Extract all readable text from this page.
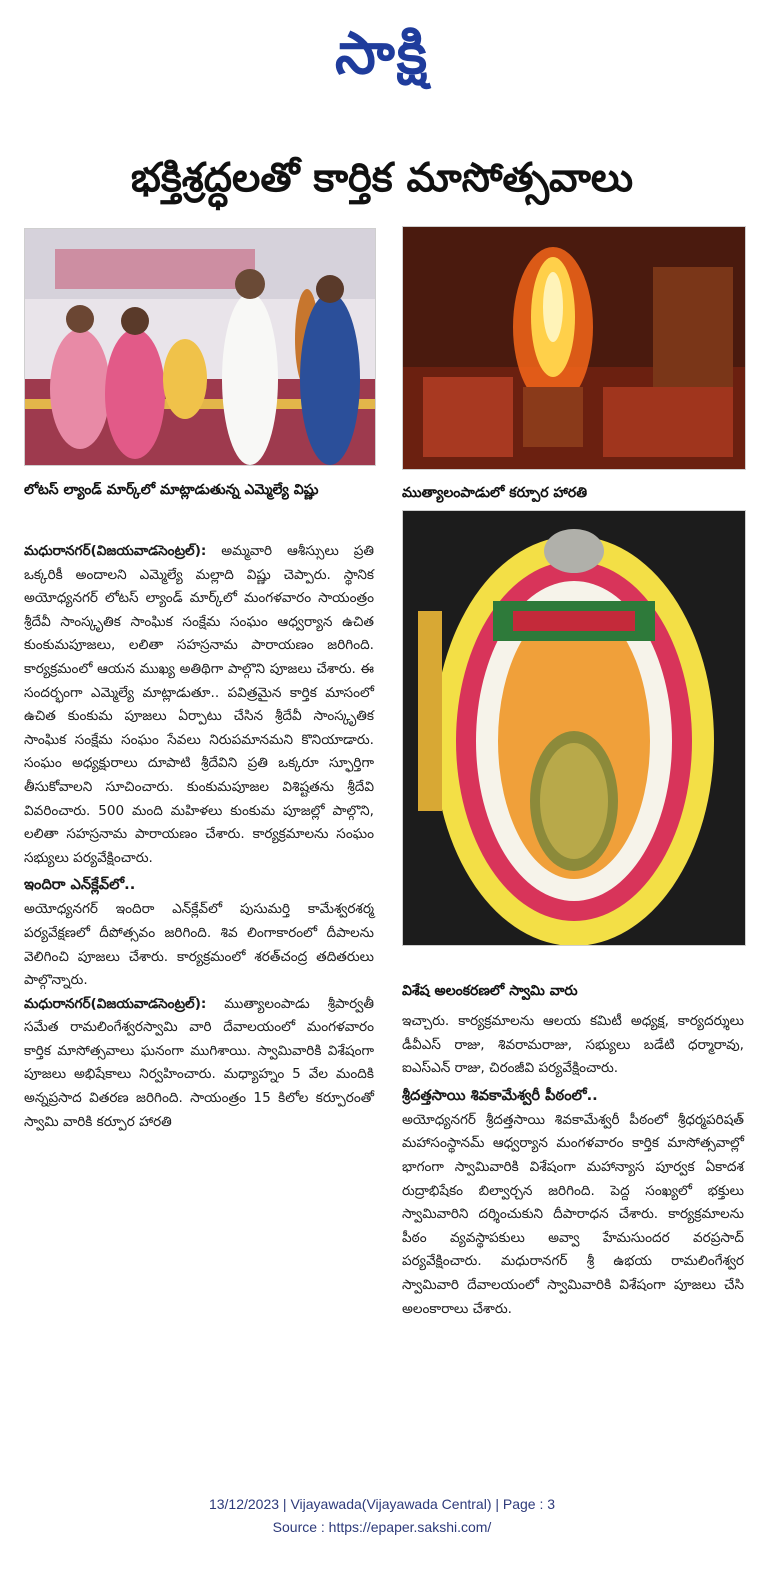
సాక్షి
భక్తిశ్రద్ధలతో కార్తిక మాసోత్సవాలు
లోటస్ ల్యాండ్ మార్క్‌లో మాట్లాడుతున్న ఎమ్మెల్యే విష్ణు	ముత్యాలంపాడులో కర్పూర హారతి
విశేష అలంకరణలో స్వామి వారు

మధురానగర్‌(విజయవాడసెంట్రల్‌): అమ్మవారి ఆశీస్సులు ప్రతి ఒక్కరికీ అందాలని ఎమ్మెల్యే మల్లాది విష్ణు చెప్పారు. స్థానిక అయోధ్యనగర్‌ లోటస్‌ ల్యాండ్‌ మార్క్‌లో మంగళవారం సాయంత్రం శ్రీదేవీ సాంస్కృతిక సాంఘిక సంక్షేమ సంఘం ఆధ్వర్యాన ఉచిత కుంకుమపూజలు, లలితా సహస్రనామ పారాయణం జరిగింది. కార్యక్రమంలో ఆయన ముఖ్య అతిథిగా పాల్గొని పూజలు చేశారు. ఈ సందర్భంగా ఎమ్మెల్యే మాట్లాడుతూ.. పవిత్రమైన కార్తిక మాసంలో ఉచిత కుంకుమ పూజలు ఏర్పాటు చేసిన శ్రీదేవీ సాంస్కృతిక సాంఘిక సంక్షేమ సంఘం సేవలు నిరుపమానమని కొనియాడారు. సంఘం అధ్యక్షురాలు దూపాటి శ్రీదేవిని ప్రతి ఒక్కరూ స్ఫూర్తిగా తీసుకోవాలని సూచించారు. కుంకుమపూజల విశిష్టతను శ్రీదేవి వివరించారు. 500 మంది మహిళలు కుంకుమ పూజల్లో పాల్గొని, లలితా సహస్రనామ పారాయణం చేశారు. కార్యక్రమాలను సంఘం సభ్యులు పర్యవేక్షించారు.

ఇందిరా ఎన్‌క్లేవ్‌లో..

అయోధ్యనగర్‌ ఇందిరా ఎన్‌క్లేవ్‌లో పుసుమర్తి కామేశ్వరశర్మ పర్యవేక్షణలో దీపోత్సవం జరిగింది. శివ లింగాకారంలో దీపాలను వెలిగించి పూజలు చేశారు. కార్యక్రమంలో శరత్‌చంద్ర తదితరులు పాల్గొన్నారు.

మధురానగర్‌(విజయవాడసెంట్రల్‌): ముత్యాలంపాడు శ్రీపార్వతీ సమేత రామలింగేశ్వరస్వామి వారి దేవాలయంలో మంగళవారం కార్తిక మాసోత్సవాలు ఘనంగా ముగిశాయి. స్వామివారికి విశేషంగా పూజలు అభిషేకాలు నిర్వహించారు. మధ్యాహ్నం 5 వేల మందికి అన్నప్రసాద వితరణ జరిగింది. సాయంత్రం 15 కిలోల కర్పూరంతో స్వామి వారికి కర్పూర హారతి

ఇచ్చారు. కార్యక్రమాలను ఆలయ కమిటీ అధ్యక్ష, కార్యదర్శులు డీవీఎస్‌ రాజు, శివరామరాజు, సభ్యులు బడేటి ధర్మారావు, ఐఎస్‌ఎన్‌ రాజు, చిరంజీవి పర్యవేక్షించారు.

శ్రీదత్తసాయి శివకామేశ్వరీ పీఠంలో..

అయోధ్యనగర్‌ శ్రీదత్తసాయి శివకామేశ్వరీ పీఠంలో శ్రీధర్మపరిషత్‌ మహాసంస్థానమ్‌ ఆధ్వర్యాన మంగళవారం కార్తిక మాసోత్సవాల్లో భాగంగా స్వామివారికి విశేషంగా మహాన్యాస పూర్వక ఏకాదశ రుద్రాభిషేకం బిల్వార్చన జరిగింది. పెద్ద సంఖ్యలో భక్తులు స్వామివారిని దర్శించుకుని దీపారాధన చేశారు. కార్యక్రమాలను పీఠం వ్యవస్థాపకులు అవ్వా హేమసుందర వరప్రసాద్‌ పర్యవేక్షించారు. మధురానగర్‌ శ్రీ ఉభయ రామలింగేశ్వర స్వామివారి దేవాలయంలో స్వామివారికి విశేషంగా పూజలు చేసి అలంకారాలు చేశారు.

13/12/2023 | Vijayawada(Vijayawada Central) | Page : 3
Source : https://epaper.sakshi.com/
